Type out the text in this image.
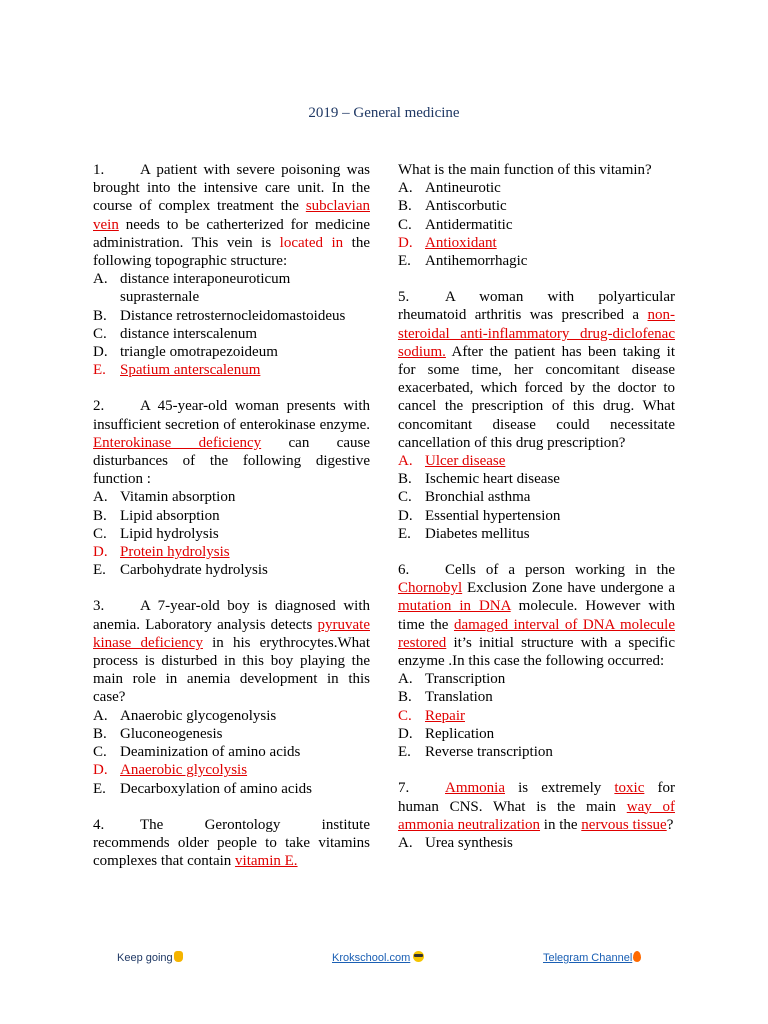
2019 – General medicine
1. A patient with severe poisoning was brought into the intensive care unit. In the course of complex treatment the subclavian vein needs to be catherterized for medicine administration. This vein is located in the following topographic structure:
A. distance interaponeuroticum suprasternale
B. Distance retrosternocleidomastoideus
C. distance interscalenum
D. triangle omotrapezoideum
E. Spatium anterscalenum
2. A 45-year-old woman presents with insufficient secretion of enterokinase enzyme. Enterokinase deficiency can cause disturbances of the following digestive function :
A. Vitamin absorption
B. Lipid absorption
C. Lipid hydrolysis
D. Protein hydrolysis
E. Carbohydrate hydrolysis
3. A 7-year-old boy is diagnosed with anemia. Laboratory analysis detects pyruvate kinase deficiency in his erythrocytes.What process is disturbed in this boy playing the main role in anemia development in this case?
A. Anaerobic glycogenolysis
B. Gluconeogenesis
C. Deaminization of amino acids
D. Anaerobic glycolysis
E. Decarboxylation of amino acids
4. The Gerontology institute recommends older people to take vitamins complexes that contain vitamin E.
What is the main function of this vitamin?
A. Antineurotic
B. Antiscorbutic
C. Antidermatitic
D. Antioxidant
E. Antihemorrhagic
5. A woman with polyarticular rheumatoid arthritis was prescribed a non-steroidal anti-inflammatory drug-diclofenac sodium. After the patient has been taking it for some time, her concomitant disease exacerbated, which forced by the doctor to cancel the prescription of this drug. What concomitant disease could necessitate cancellation of this drug prescription?
A. Ulcer disease
B. Ischemic heart disease
C. Bronchial asthma
D. Essential hypertension
E. Diabetes mellitus
6. Cells of a person working in the Chornobyl Exclusion Zone have undergone a mutation in DNA molecule. However with time the damaged interval of DNA molecule restored it’s initial structure with a specific enzyme .In this case the following occurred:
A. Transcription
B. Translation
C. Repair
D. Replication
E. Reverse transcription
7. Ammonia is extremely toxic for human CNS. What is the main way of ammonia neutralization in the nervous tissue?
A. Urea synthesis
Keep going	Krokschool.com	Telegram Channel
